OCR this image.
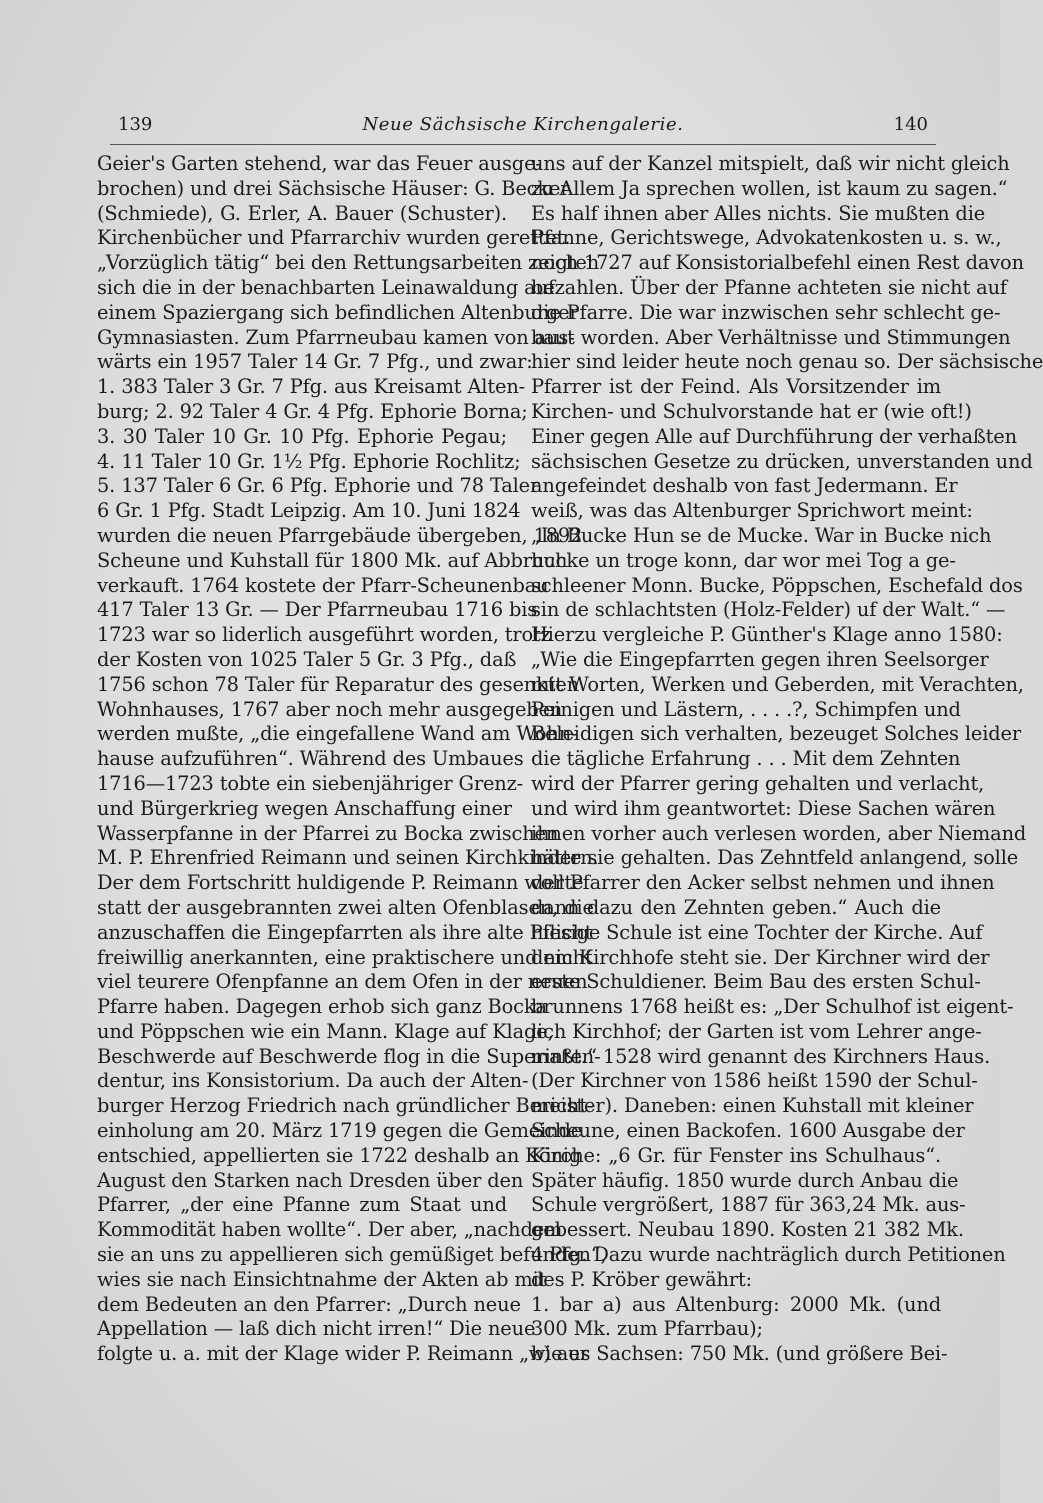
139	Neue Sächsische Kirchengalerie.	140
Geier's Garten stehend, war das Feuer ausge-
brochen) und drei Sächsische Häuser: G. Becker
(Schmiede), G. Erler, A. Bauer (Schuster).
Kirchenbücher und Pfarrarchiv wurden gerettet.
„Vorzüglich tätig“ bei den Rettungsarbeiten zeigten
sich die in der benachbarten Leinawaldung auf
einem Spaziergang sich befindlichen Altenburger
Gymnasiasten. Zum Pfarrneubau kamen von aus-
wärts ein 1957 Taler 14 Gr. 7 Pfg., und zwar:
1. 383 Taler 3 Gr. 7 Pfg. aus Kreisamt Alten-
burg; 2. 92 Taler 4 Gr. 4 Pfg. Ephorie Borna;
3. 30 Taler 10 Gr. 10 Pfg. Ephorie Pegau;
4. 11 Taler 10 Gr. 1½ Pfg. Ephorie Rochlitz;
5. 137 Taler 6 Gr. 6 Pfg. Ephorie und 78 Taler
6 Gr. 1 Pfg. Stadt Leipzig. Am 10. Juni 1824
wurden die neuen Pfarrgebäude übergeben, 1892
Scheune und Kuhstall für 1800 Mk. auf Abbruch
verkauft. 1764 kostete der Pfarr-Scheunenbau
417 Taler 13 Gr. — Der Pfarrneubau 1716 bis
1723 war so liderlich ausgeführt worden, trotz
der Kosten von 1025 Taler 5 Gr. 3 Pfg., daß
1756 schon 78 Taler für Reparatur des gesenkten
Wohnhauses, 1767 aber noch mehr ausgegeben
werden mußte, „die eingefallene Wand am Wohn-
hause aufzuführen“. Während des Umbaues
1716—1723 tobte ein siebenjähriger Grenz-
und Bürgerkrieg wegen Anschaffung einer
Wasserpfanne in der Pfarrei zu Bocka zwischen
M. P. Ehrenfried Reimann und seinen Kirchkindern.
Der dem Fortschritt huldigende P. Reimann wollte
statt der ausgebrannten zwei alten Ofenblasen, die
anzuschaffen die Eingepfarrten als ihre alte Pflicht
freiwillig anerkannten, eine praktischere und nicht
viel teurere Ofenpfanne an dem Ofen in der neuen
Pfarre haben. Dagegen erhob sich ganz Bocka
und Pöppschen wie ein Mann. Klage auf Klage,
Beschwerde auf Beschwerde flog in die Superinten-
dentur, ins Konsistorium. Da auch der Alten-
burger Herzog Friedrich nach gründlicher Bericht-
einholung am 20. März 1719 gegen die Gemeinde
entschied, appellierten sie 1722 deshalb an König
August den Starken nach Dresden über den
Pfarrer, „der eine Pfanne zum Staat und
Kommodität haben wollte“. Der aber, „nachdem
sie an uns zu appellieren sich gemüßiget befunden“,
wies sie nach Einsichtnahme der Akten ab mit
dem Bedeuten an den Pfarrer: „Durch neue
Appellation — laß dich nicht irren!“ Die neue
folgte u. a. mit der Klage wider P. Reimann „wie er
uns auf der Kanzel mitspielt, daß wir nicht gleich
zu Allem Ja sprechen wollen, ist kaum zu sagen.“
Es half ihnen aber Alles nichts. Sie mußten die
Pfanne, Gerichtswege, Advokatenkosten u. s. w.,
noch 1727 auf Konsistorialbefehl einen Rest davon
bezahlen. Über der Pfanne achteten sie nicht auf
die Pfarre. Die war inzwischen sehr schlecht ge-
baut worden. Aber Verhältnisse und Stimmungen
hier sind leider heute noch genau so. Der sächsische
Pfarrer ist der Feind. Als Vorsitzender im
Kirchen- und Schulvorstande hat er (wie oft!)
Einer gegen Alle auf Durchführung der verhaßten
sächsischen Gesetze zu drücken, unverstanden und
angefeindet deshalb von fast Jedermann. Er
weiß, was das Altenburger Sprichwort meint:
„In Bucke Hun se de Mucke. War in Bucke nich
hucke un troge konn, dar wor mei Tog a ge-
schleener Monn. Bucke, Pöppschen, Eschefald dos
sin de schlachtsten (Holz-Felder) uf der Walt.“ —
Hierzu vergleiche P. Günther's Klage anno 1580:
„Wie die Eingepfarrten gegen ihren Seelsorger
mit Worten, Werken und Geberden, mit Verachten,
Peinigen und Lästern, . . . .?, Schimpfen und
Beleidigen sich verhalten, bezeuget Solches leider
die tägliche Erfahrung . . . Mit dem Zehnten
wird der Pfarrer gering gehalten und verlacht,
und wird ihm geantwortet: Diese Sachen wären
ihnen vorher auch verlesen worden, aber Niemand
hätte sie gehalten. Das Zehntfeld anlangend, solle
der Pfarrer den Acker selbst nehmen und ihnen
dann dazu den Zehnten geben.“ Auch die
hiesige Schule ist eine Tochter der Kirche. Auf
dem Kirchhofe steht sie. Der Kirchner wird der
erste Schuldiener. Beim Bau des ersten Schul-
brunnens 1768 heißt es: „Der Schulhof ist eigent-
lich Kirchhof; der Garten ist vom Lehrer ange-
maßt.“ 1528 wird genannt des Kirchners Haus.
(Der Kirchner von 1586 heißt 1590 der Schul-
meister). Daneben: einen Kuhstall mit kleiner
Scheune, einen Backofen. 1600 Ausgabe der
Kirche: „6 Gr. für Fenster ins Schulhaus“.
Später häufig. 1850 wurde durch Anbau die
Schule vergrößert, 1887 für 363,24 Mk. aus-
gebessert. Neubau 1890. Kosten 21 382 Mk.
4 Pfg. Dazu wurde nachträglich durch Petitionen
des P. Kröber gewährt:
1. bar a) aus Altenburg: 2000 Mk. (und
300 Mk. zum Pfarrbau);
b) aus Sachsen: 750 Mk. (und größere Bei-
